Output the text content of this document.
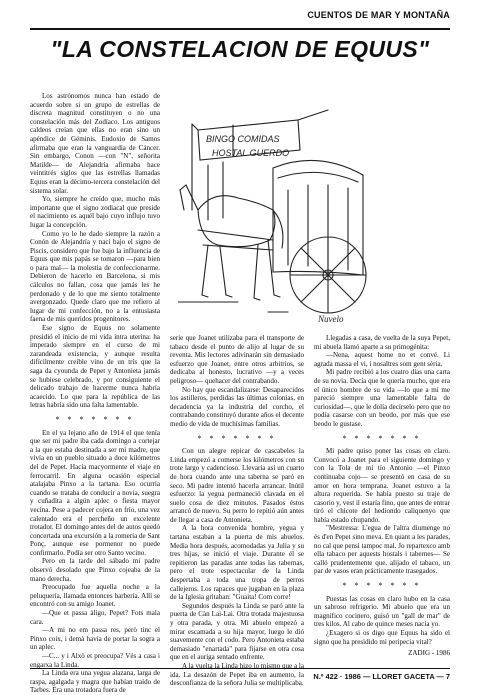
CUENTOS DE MAR Y MONTAÑA
"LA CONSTELACION DE EQUUS"
BINGO COMIDAS
HOSTAL GUERDO
Nuvelo

Los astrónomos nunca han estado de acuerdo sobre si un grupo de estrellas de discreta magnitud constituyen o no una constelación más del Zodíaco. Los antiguos caldeos creían que ellas no eran sino un apéndice de Géminis. Eudoxio de Samos afirmaba que eran la vanguardia de Cáncer. Sin embargo, Conon —con "N", señorita Matilde— de Alejandría afirmaba hace veintitrés siglos que las estrellas llamadas Equus eran la décimo-tercera constelación del sistema solar.

Yo, siempre he creído que, mucho más importante que el signo zodiacal que preside el nacimiento es aquél bajo cuyo influjo tuvo lugar la concepción.

Como yo le he dado siempre la razón a Conón de Alejandría y nací bajo el signo de Piscis, considero que fue bajo la influencia de Equus que mis papás se tomaron —para bien o para mal— la molestia de confeccionarme. Debieron de hacerlo en Barcelona, si mis cálculos no fallan, cosa que jamás les he perdonado y de lo que me siento totalmente avergonzado. Quede claro que me refiero al lugar de mi confección, no a la entusiasta faena de mis queridos progenitores.

Ese signo de Equus no solamente presidió el inicio de mi vida intra uterina: ha imperado siempre en el curso de mi zarandeada existencia, y aunque resulta difícilmente creíble vino de un trís que la saga da cyounda de Pepet y Antonieta jamás se hubiese celebrado, y por consiguiente el delicado trabajo de hacerme nunca habría acaecido. Lo que para la república de las letras habría sido una falta lamentable.

* * * * * * *

En el ya lejano año de 1914 el que tenía que ser mi padre iba cada domingo a cortejar a la que estaba destinada a ser mi madre, que vivía en un pueblo situado a doce kilómetros del de Pepet. Hacía macyormente el viaje en ferrocarril. En alguna ocasión especial atalajaba Pinxo a la tartana. Eso ocurría cuando se trataba de conducir a novia, suegra y cuñadita a algún aplec o fiesta mayor vecina. Pese a padecer cojera en frío, una vez calentado era el percheño un excelente trotador. El domingo antes del de autos quedó concertada una excursión a la romería de Sant Ponç, aunque ese pormenor no puede confirmarlo. Podía ser otro Santo vecino.

Pero en la tarde del sábado mi padre observó desolado que Pinxo cojeaba de la mano derecha.

Preocupado fue aquella noche a la peluquería, llamada entonces barbería. Allí se encontró con su amigo Joanet.

—Que et passa àligo, Pepet? Fots mala cara.

—A mi no em passa res, però tinc el Pinxo coix, i demà havia de portar la sogra a un aplec.

—C... y i Alxò et preocupa? Vés a casa i engarxa la Linda.

La Linda era una yegua alazana, larga de raspa, agalgada y magra que habían traído de Tarbes. Era una trotadora fuera de

serie que Joanet utilizaba para el transporte de tabaco desde el punto de alijo al lugar de su reventa. Mis lectores adivinarán sin demasiado esfuerzo que Joanet, entre otros arbitrios, se dedicaba al honesto, lucrativo —y a veces peligroso— quehacer del contrabando.

No hay que escandalizarse: Desaparecidos los astilleros, perdidas las últimas colonias, en decadencia ya la industria del corcho, el contrabando constituyó durante años el decente medio de vida de muchísimas familias.

* * * * * * *

Con un alegre repicar de cascabeles la Linda empezó a comerse los kilómetros con su trote largo y cadencioso. Llevaría así un cuarto de hora cuando ante una taberna se paró en seco. Mi padre intentó hacerla arrancar. Inútil esfuerzo: la yegua permaneció clavada en el suelo cosa de diez minutos. Pasados éstos arrancó de nuevo. Su perro lo repitió aún antes de llegar a casa de Antonieta.

A la hora convenida hombre, yegua y tartana estaban a la puerta de mis abuelos. Media hora después, acomodadas ya Julia y su tres hijas, se inició el viaje. Durante él se repitieron las paradas ante todas las tabernas, pero el trote espectacular de la Linda despertaba a toda una tropa de perros callejeros. Los rapaces que jugaban en la plaza de la Iglesia gritaban: "Guaita! Com corre!

Segundos después la Linda se paró ante la puerta de Càn Lai-Lai. Otra trotada majestuosa y otra parada, y otra. Mi abuelo empezó a mirar escamada a su hija mayor, luego le dió suavemente con el codo. Pero Antonieta estaba demasiado "enartada" para fijarse en otra cosa que en el auriga sentado enfrente.

A la vuelta la Linda hizo lo mismo que a la ida. La desazón de Pepet iba en aumento, la desconfianza de la señora Julia se multiplicaba.

Llegadas a casa, de vuelta de la suya Pepet, mi abuela llamó aparte a su primogénita:

—Nena, aquest home no et convé. Li agrada massa el vi, i nosaltres som gent sèria.

Mi padre recibió a los cuatro días una carta de su novia. Decía que le quería mucho, que era el único hombre de su vida —lo que a mí me pareció siempre una lamentable falta de curiosidad—, que le dolía decírselo pero que no podía casarse con un beodo, por más que ese beodo le gustase.

* * * * * * *

Mi padre quiso poner las cosas en claro. Convocó a Joanet para el siguiente domingo y con la Tola de mi tío Antonio —el Pinxo continuaba cojo— se presentó en casa de su amor en hora temprana. Joanet estuvo a la altura requerida. Se había puesto su traje de casorio y, vest il estaría fino, que antes de entrar tiró el chicote del hediondo caliquenyo que había estado chupando.

"Mestressa: L'egua de l'altra diumenge no és d'en Pepet sino meva. En quant a les parades, no cal que pensi tampoc mal. Jo repartexco amb ella tabaco per aquests hostals i tabernes— Se calló prudentemente que, alijado el tabaco, un par de vasos eran prácticamente trasegados.

* * * * * * *

Puestas las cosas en claro hubo en la casa un sabroso refrigerio. Mi abuelo que era un magnífico cocinero, guisó un "gall de mar" de tres kilos. Al cabo de quince meses nacía yo.

¿Exagero si os digo que Equus ha sido el signo que ha presidido mi peripecia vital?

ZADIG - 1986

N.º 422 · 1986 — LLORET GACETA — 7
